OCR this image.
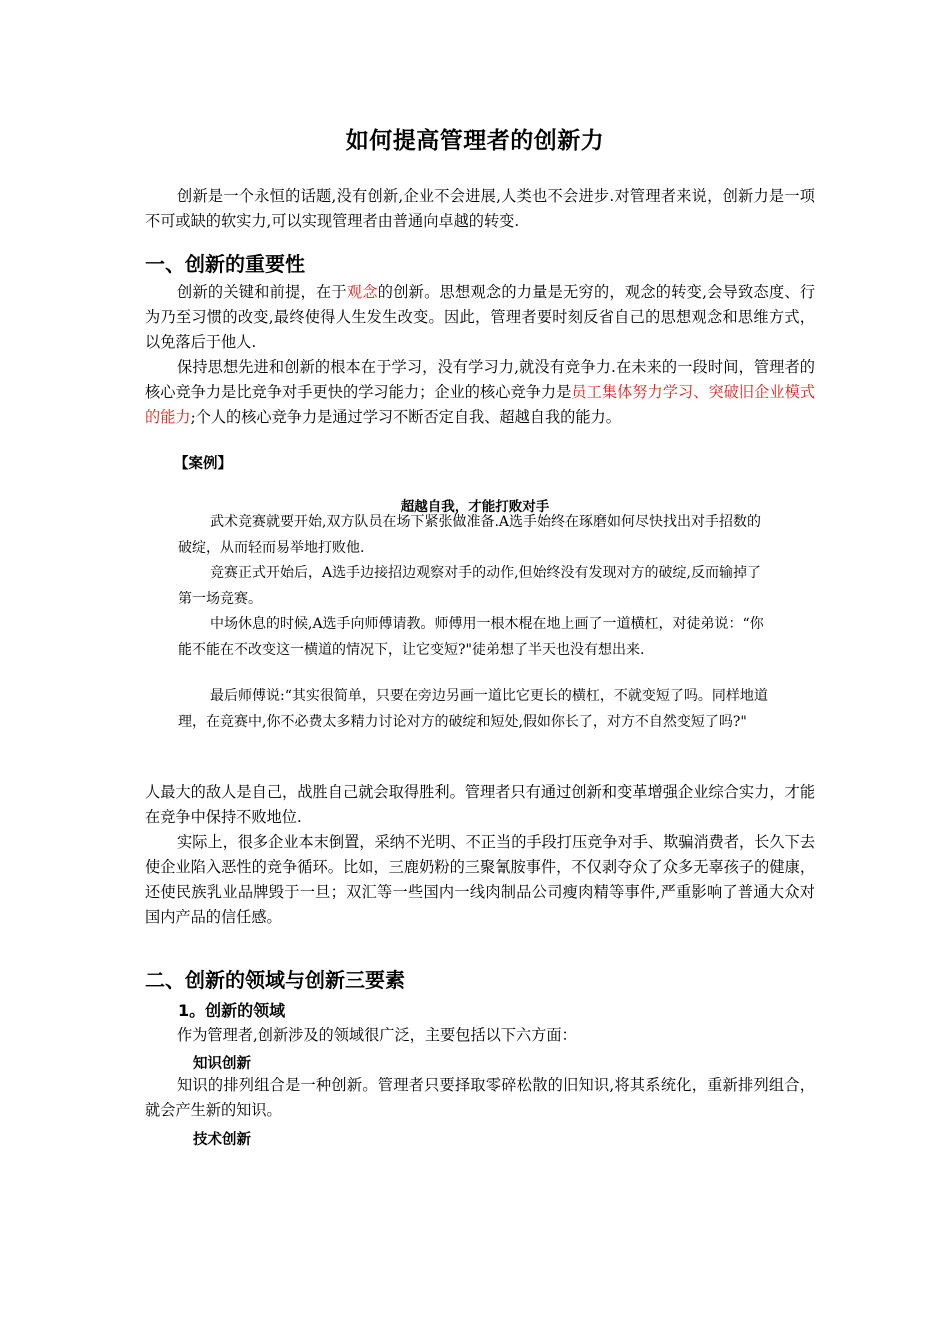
如何提高管理者的创新力
创新是一个永恒的话题,没有创新,企业不会进展,人类也不会进步.对管理者来说，创新力是一项不可或缺的软实力,可以实现管理者由普通向卓越的转变.
一、创新的重要性
创新的关键和前提，在于观念的创新。思想观念的力量是无穷的，观念的转变,会导致态度、行为乃至习惯的改变,最终使得人生发生改变。因此，管理者要时刻反省自己的思想观念和思维方式，以免落后于他人.
保持思想先进和创新的根本在于学习，没有学习力,就没有竞争力.在未来的一段时间，管理者的核心竞争力是比竞争对手更快的学习能力；企业的核心竞争力是员工集体努力学习、突破旧企业模式的能力;个人的核心竞争力是通过学习不断否定自我、超越自我的能力。
【案例】
超越自我，才能打败对手
武术竞赛就要开始,双方队员在场下紧张做准备.A选手始终在琢磨如何尽快找出对手招数的破绽，从而轻而易举地打败他.
竞赛正式开始后，A选手边接招边观察对手的动作,但始终没有发现对方的破绽,反而输掉了第一场竞赛。
中场休息的时候,A选手向师傅请教。师傅用一根木棍在地上画了一道横杠，对徒弟说：“你能不能在不改变这一横道的情况下，让它变短?"徒弟想了半天也没有想出来.
最后师傅说:“其实很简单，只要在旁边另画一道比它更长的横杠，不就变短了吗。同样地道理，在竞赛中,你不必费太多精力讨论对方的破绽和短处,假如你长了，对方不自然变短了吗?"
人最大的敌人是自己，战胜自己就会取得胜利。管理者只有通过创新和变革增强企业综合实力，才能在竞争中保持不败地位.
实际上，很多企业本末倒置，采纳不光明、不正当的手段打压竞争对手、欺骗消费者，长久下去使企业陷入恶性的竞争循环。比如，三鹿奶粉的三聚氰胺事件，不仅剥夺众了众多无辜孩子的健康，还使民族乳业品牌毁于一旦；双汇等一些国内一线肉制品公司瘦肉精等事件,严重影响了普通大众对国内产品的信任感。
二、创新的领域与创新三要素
1。创新的领域
作为管理者,创新涉及的领域很广泛，主要包括以下六方面：
知识创新
知识的排列组合是一种创新。管理者只要择取零碎松散的旧知识,将其系统化，重新排列组合，就会产生新的知识。
技术创新
